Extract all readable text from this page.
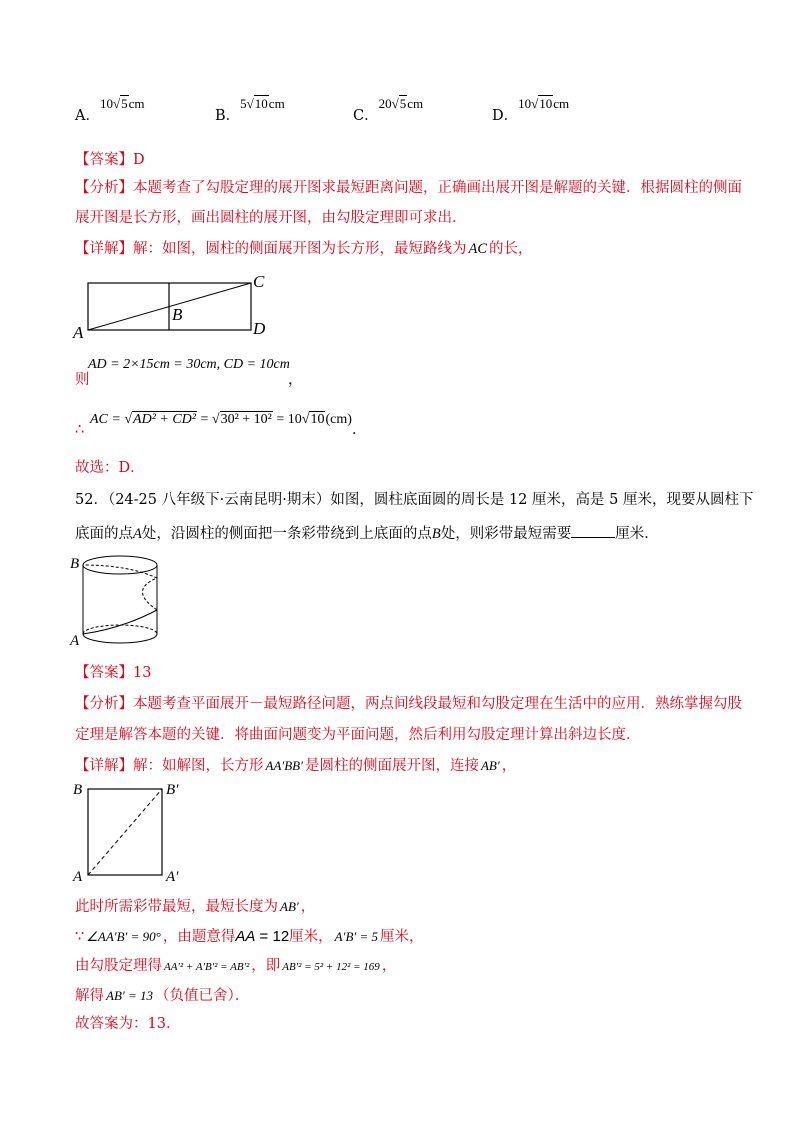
A．10√5cm
B．5√10cm
C．20√5cm
D．10√10cm
【答案】D
【分析】本题考查了勾股定理的展开图求最短距离问题，正确画出展开图是解题的关键．根据圆柱的侧面
展开图是长方形，画出圆柱的展开图，由勾股定理即可求出．
【详解】解：如图，圆柱的侧面展开图为长方形，最短路线为 AC 的长，
A
B
C
D
则
AD = 2×15cm = 30cm, CD = 10cm
，
∴
AC = √AD² + CD² = √30² + 10² = 10√10(cm)
．
故选：D．
52．（24-25 八年级下·云南昆明·期末）如图，圆柱底面圆的周长是 12 厘米，高是 5 厘米，现要从圆柱下
底面的点A处，沿圆柱的侧面把一条彩带绕到上底面的点B处，则彩带最短需要	厘米．
B
A
【答案】13
【分析】本题考查平面展开－最短路径问题，两点间线段最短和勾股定理在生活中的应用．熟练掌握勾股
定理是解答本题的关键．将曲面问题变为平面问题，然后利用勾股定理计算出斜边长度．
【详解】解：如解图，长方形 AA′BB′ 是圆柱的侧面展开图，连接 AB′ ，
B	B′
A	A′
此时所需彩带最短，最短长度为 AB′ ，
∵ ∠AA′B′ = 90° ，由题意得AA = 12厘米， A′B′ = 5 厘米，
由勾股定理得 AA′² + A′B′² = AB′² ，即 AB′² = 5² + 12² = 169 ，
解得 AB′ = 13 （负值已舍）．
故答案为：13．
